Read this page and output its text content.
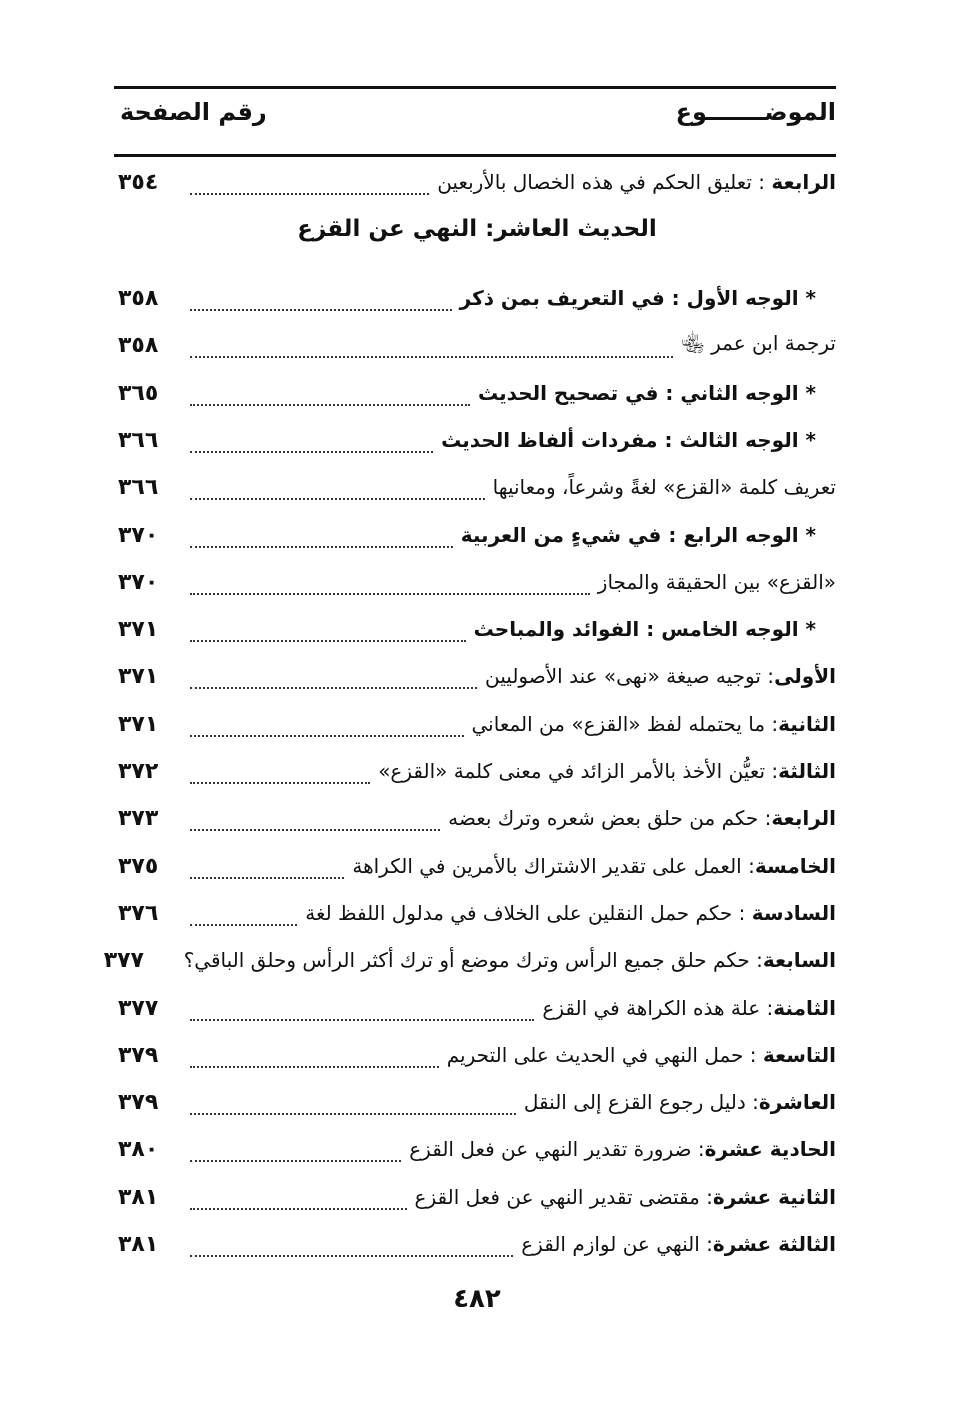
الموضـــــــوع
رقم الصفحة
الرابعة : تعليق الحكم في هذه الخصال بالأربعين
٣٥٤
الحديث العاشر: النهي عن القزع
* الوجه الأول : في التعريف بمن ذكر
٣٥٨
ترجمة ابن عمر ﵄
٣٥٨
* الوجه الثاني : في تصحيح الحديث
٣٦٥
* الوجه الثالث : مفردات ألفاظ الحديث
٣٦٦
تعريف كلمة «القزع» لغةً وشرعاً، ومعانيها
٣٦٦
* الوجه الرابع : في شيءٍ من العربية
٣٧٠
«القزع» بين الحقيقة والمجاز
٣٧٠
* الوجه الخامس : الفوائد والمباحث
٣٧١
الأولى: توجيه صيغة «نهى» عند الأصوليين
٣٧١
الثانية: ما يحتمله لفظ «القزع» من المعاني
٣٧١
الثالثة: تعيُّن الأخذ بالأمر الزائد في معنى كلمة «القزع»
٣٧٢
الرابعة: حكم من حلق بعض شعره وترك بعضه
٣٧٣
الخامسة: العمل على تقدير الاشتراك بالأمرين في الكراهة
٣٧٥
السادسة : حكم حمل النقلين على الخلاف في مدلول اللفظ لغة
٣٧٦
السابعة: حكم حلق جميع الرأس وترك موضع أو ترك أكثر الرأس وحلق الباقي؟
٣٧٧
الثامنة: علة هذه الكراهة في القزع
٣٧٧
التاسعة : حمل النهي في الحديث على التحريم
٣٧٩
العاشرة: دليل رجوع القزع إلى النقل
٣٧٩
الحادية عشرة: ضرورة تقدير النهي عن فعل القزع
٣٨٠
الثانية عشرة: مقتضى تقدير النهي عن فعل القزع
٣٨١
الثالثة عشرة: النهي عن لوازم القزع
٣٨١
٤٨٢
